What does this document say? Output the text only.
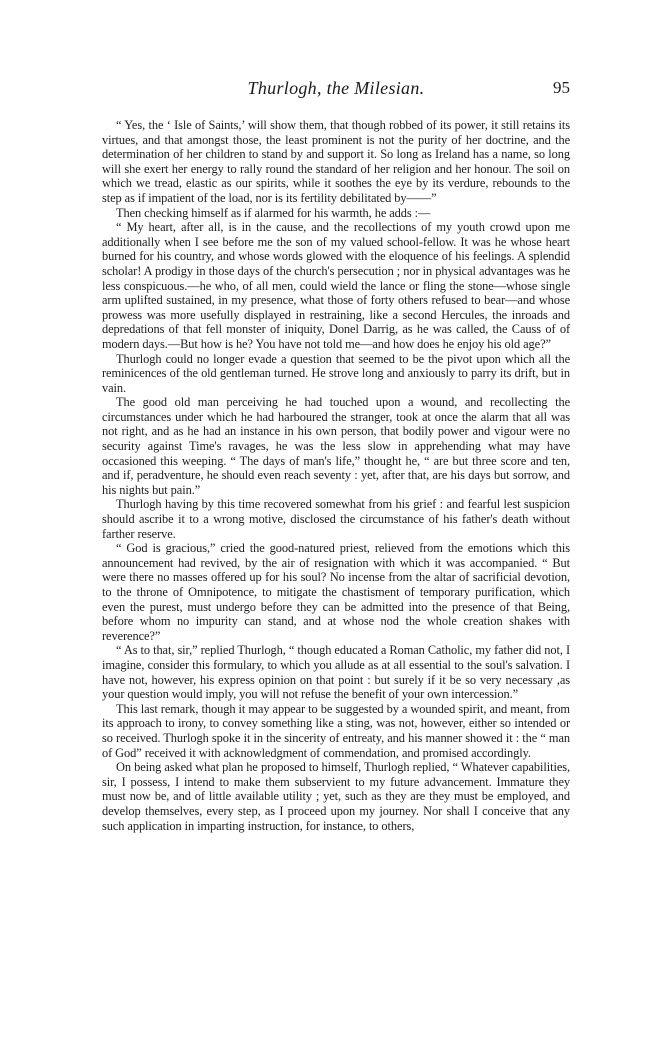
Thurlogh, the Milesian.	95

“ Yes, the ‘ Isle of Saints,’ will show them, that though robbed of its power, it still retains its virtues, and that amongst those, the least prominent is not the purity of her doctrine, and the determination of her children to stand by and support it. So long as Ireland has a name, so long will she exert her energy to rally round the standard of her religion and her honour. The soil on which we tread, elastic as our spirits, while it soothes the eye by its verdure, rebounds to the step as if impatient of the load, nor is its fertility debilitated by——”

Then checking himself as if alarmed for his warmth, he adds :—

“ My heart, after all, is in the cause, and the recollections of my youth crowd upon me additionally when I see before me the son of my valued school-fellow. It was he whose heart burned for his country, and whose words glowed with the eloquence of his feelings. A splendid scholar! A prodigy in those days of the church's persecution ; nor in physical advantages was he less conspicuous.—he who, of all men, could wield the lance or fling the stone—whose single arm uplifted sustained, in my presence, what those of forty others refused to bear—and whose prowess was more usefully displayed in restraining, like a second Hercules, the inroads and depredations of that fell monster of iniquity, Donel Darrig, as he was called, the Causs of of modern days.—But how is he? You have not told me—and how does he enjoy his old age?”

Thurlogh could no longer evade a question that seemed to be the pivot upon which all the reminicences of the old gentleman turned. He strove long and anxiously to parry its drift, but in vain.

The good old man perceiving he had touched upon a wound, and recollecting the circumstances under which he had harboured the stranger, took at once the alarm that all was not right, and as he had an instance in his own person, that bodily power and vigour were no security against Time's ravages, he was the less slow in apprehending what may have occasioned this weeping. “ The days of man's life,” thought he, “ are but three score and ten, and if, peradventure, he should even reach seventy : yet, after that, are his days but sorrow, and his nights but pain.”

Thurlogh having by this time recovered somewhat from his grief : and fearful lest suspicion should ascribe it to a wrong motive, disclosed the circumstance of his father's death without farther reserve.

“ God is gracious,” cried the good-natured priest, relieved from the emotions which this announcement had revived, by the air of resignation with which it was accompanied. “ But were there no masses offered up for his soul? No incense from the altar of sacrificial devotion, to the throne of Omnipotence, to mitigate the chastisment of temporary purification, which even the purest, must undergo before they can be admitted into the presence of that Being, before whom no impurity can stand, and at whose nod the whole creation shakes with reverence?”

“ As to that, sir,” replied Thurlogh, “ though educated a Roman Catholic, my father did not, I imagine, consider this formulary, to which you allude as at all essential to the soul's salvation. I have not, however, his express opinion on that point : but surely if it be so very necessary ,as your question would imply, you will not refuse the benefit of your own intercession.”

This last remark, though it may appear to be suggested by a wounded spirit, and meant, from its approach to irony, to convey something like a sting, was not, however, either so intended or so received. Thurlogh spoke it in the sincerity of entreaty, and his manner showed it : the “ man of God” received it with acknowledgment of commendation, and promised accordingly.

On being asked what plan he proposed to himself, Thurlogh replied, “ Whatever capabilities, sir, I possess, I intend to make them subservient to my future advancement. Immature they must now be, and of little available utility ; yet, such as they are they must be employed, and develop themselves, every step, as I proceed upon my journey. Nor shall I conceive that any such application in imparting instruction, for instance, to others,
